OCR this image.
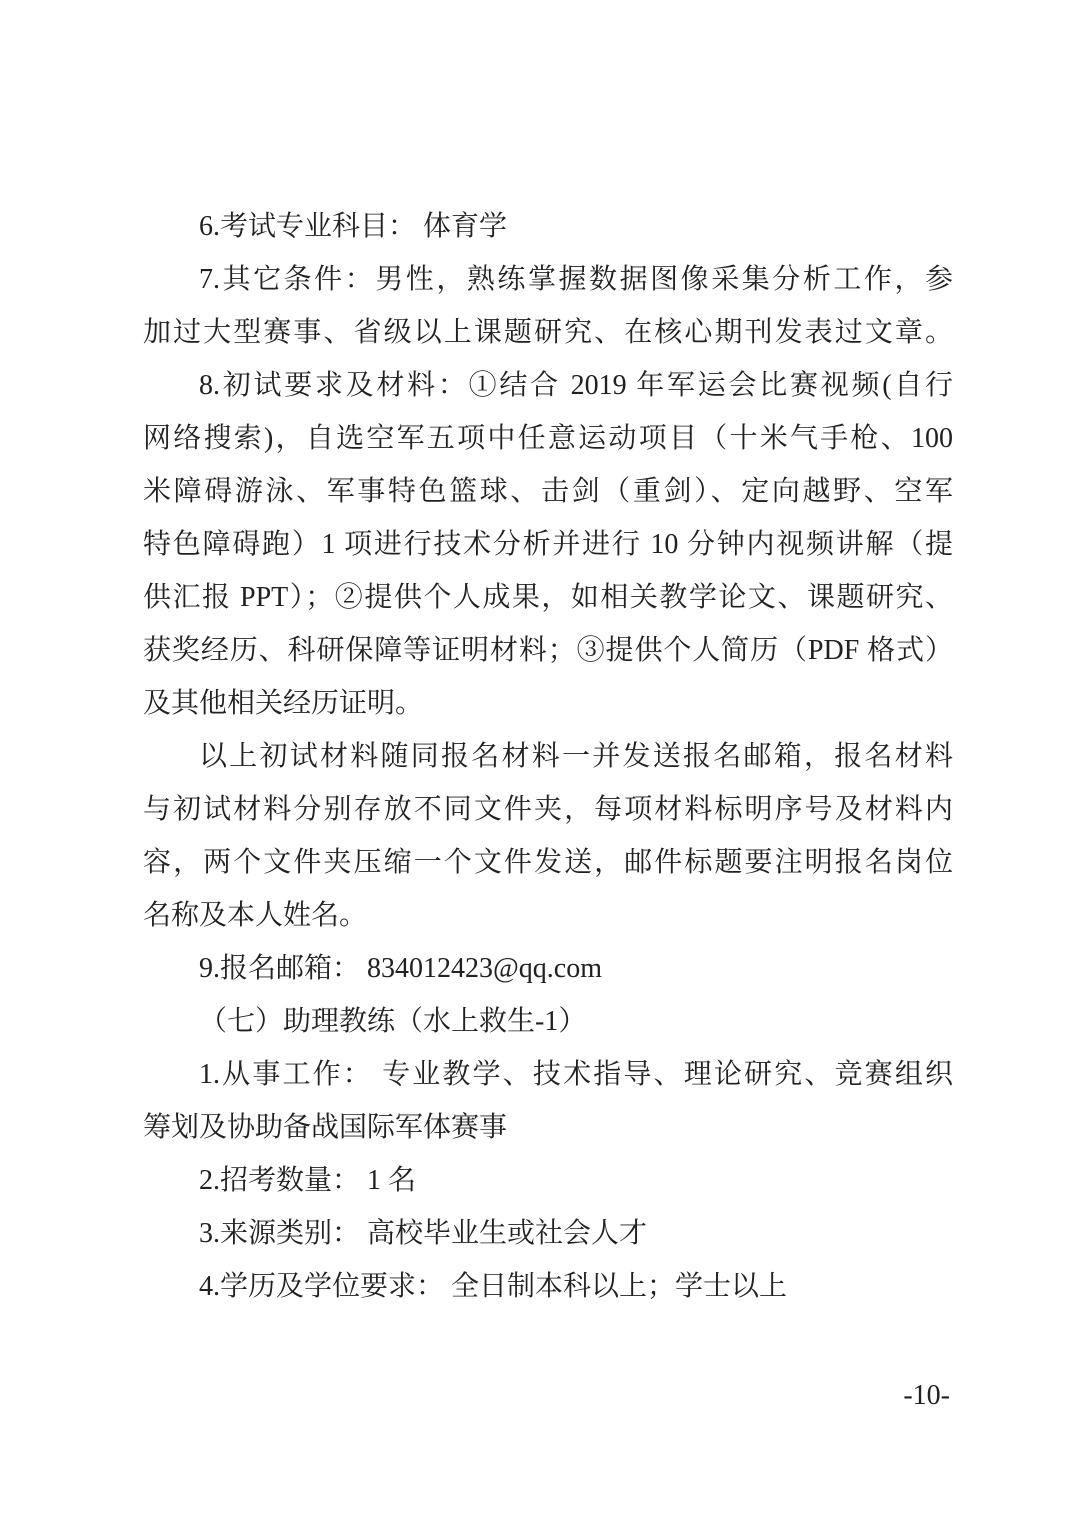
6.考试专业科目： 体育学
7.其它条件：男性，熟练掌握数据图像采集分析工作，参
加过大型赛事、省级以上课题研究、在核心期刊发表过文章。
8.初试要求及材料：①结合 2019 年军运会比赛视频(自行
网络搜索)，自选空军五项中任意运动项目（十米气手枪、100
米障碍游泳、军事特色篮球、击剑（重剑）、定向越野、空军
特色障碍跑）1 项进行技术分析并进行 10 分钟内视频讲解（提
供汇报 PPT）；②提供个人成果，如相关教学论文、课题研究、
获奖经历、科研保障等证明材料；③提供个人简历（PDF 格式）
及其他相关经历证明。
以上初试材料随同报名材料一并发送报名邮箱，报名材料
与初试材料分别存放不同文件夹，每项材料标明序号及材料内
容，两个文件夹压缩一个文件发送，邮件标题要注明报名岗位
名称及本人姓名。
9.报名邮箱： 834012423@qq.com
（七）助理教练（水上救生-1）
1.从事工作： 专业教学、技术指导、理论研究、竞赛组织
筹划及协助备战国际军体赛事
2.招考数量： 1 名
3.来源类别： 高校毕业生或社会人才
4.学历及学位要求： 全日制本科以上；学士以上
-10-
